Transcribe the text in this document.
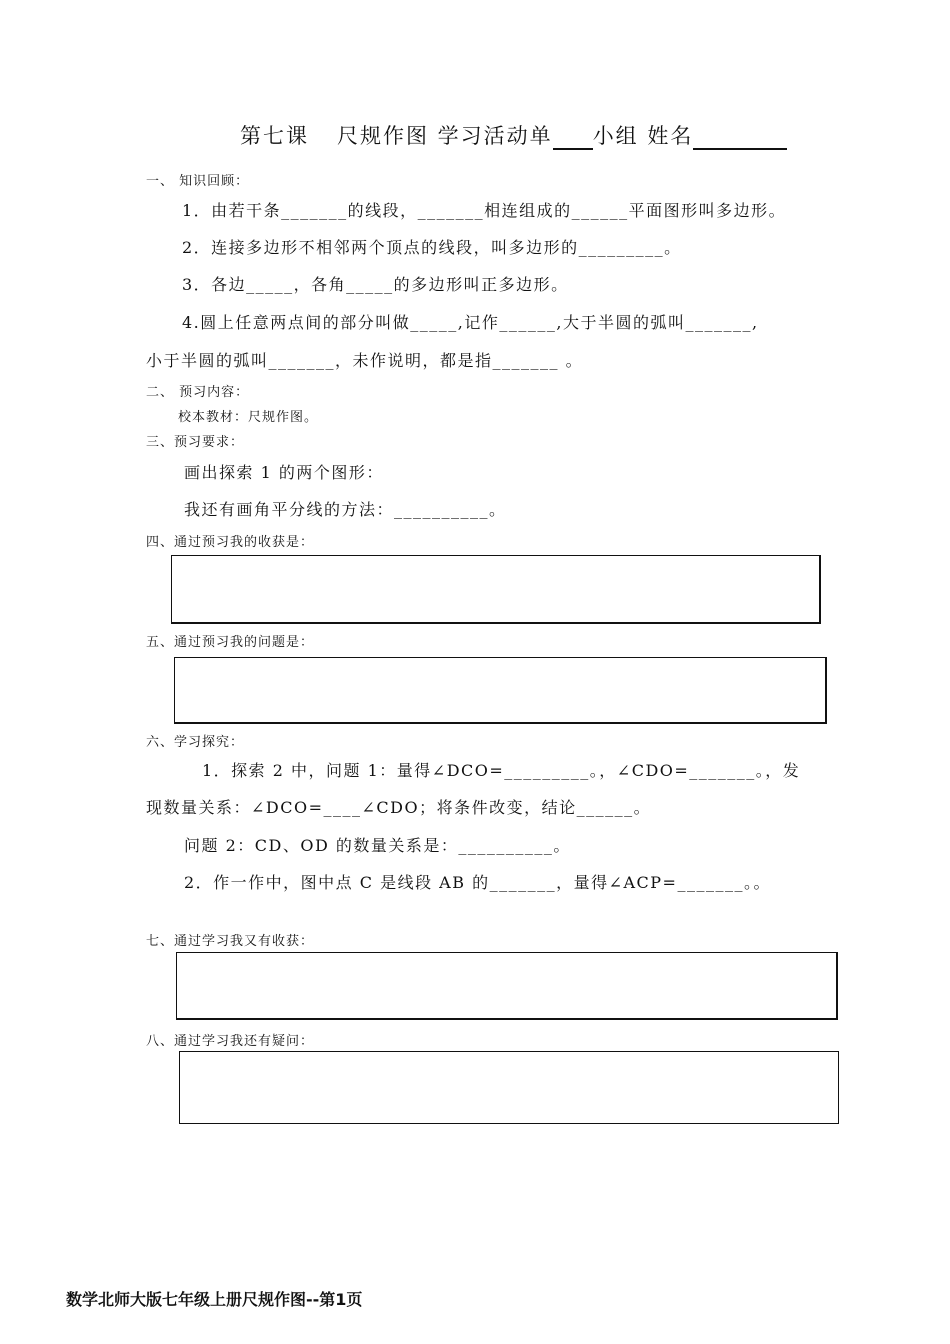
第七课 尺规作图 学习活动单 小组 姓名
一、 知识回顾：
1．由若干条_______的线段，_______相连组成的______平面图形叫多边形。
2．连接多边形不相邻两个顶点的线段，叫多边形的_________。
3．各边_____，各角_____的多边形叫正多边形。
4.圆上任意两点间的部分叫做_____,记作______,大于半圆的弧叫_______,
小于半圆的弧叫_______，未作说明，都是指_______ 。
二、 预习内容：
校本教材：尺规作图。
三、预习要求：
画出探索 1 的两个图形：
我还有画角平分线的方法：__________。
四、通过预习我的收获是：
五、通过预习我的问题是：
六、学习探究：
1．探索 2 中，问题 1：量得∠DCO=_________。，∠CDO=_______。，发
现数量关系：∠DCO=____∠CDO；将条件改变，结论______。
问题 2：CD、OD 的数量关系是：__________。
2．作一作中，图中点 C 是线段 AB 的_______，量得∠ACP=_______。。
七、通过学习我又有收获：
八、通过学习我还有疑问：
数学北师大版七年级上册尺规作图--第1页
